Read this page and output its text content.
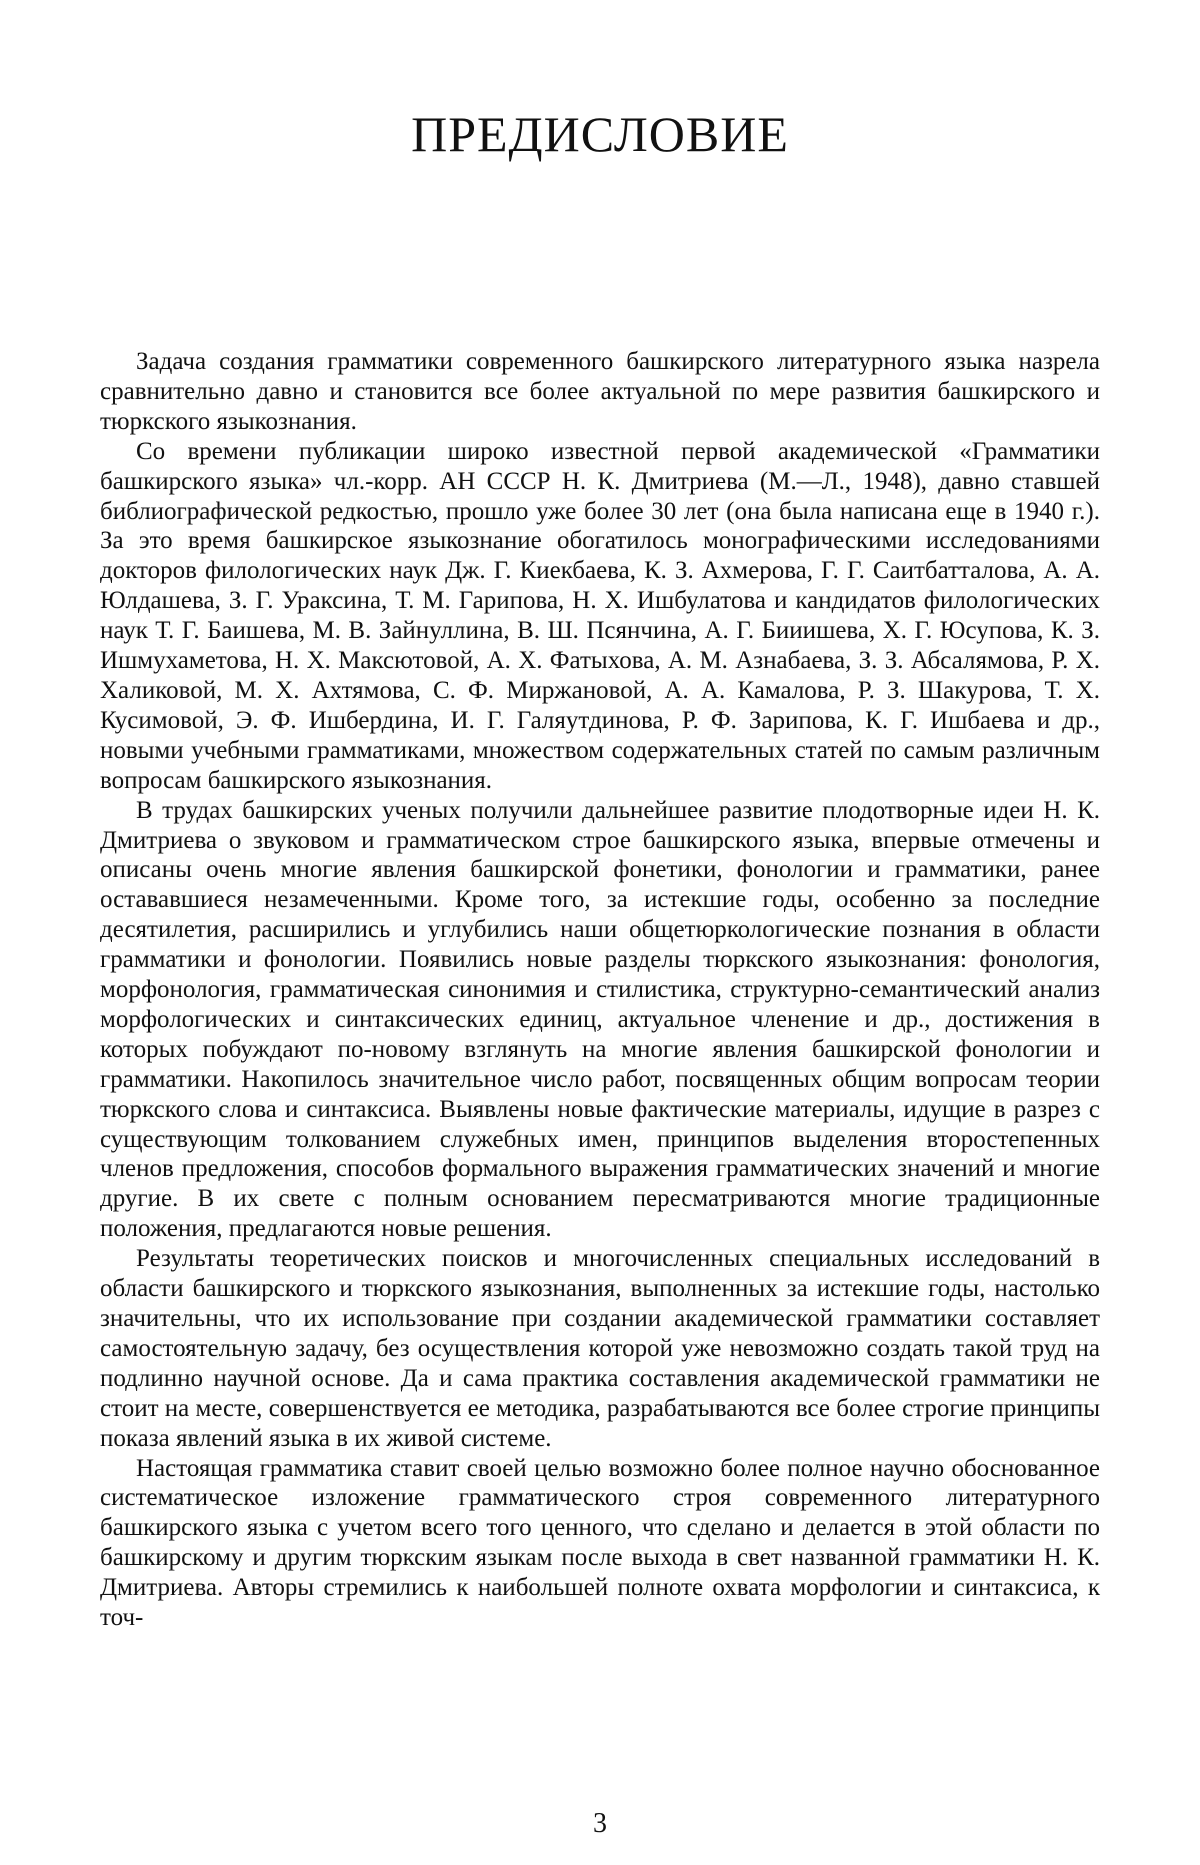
ПРЕДИСЛОВИЕ

Задача создания грамматики современного башкирского литературного языка назрела сравнительно давно и становится все более актуальной по мере развития башкирского и тюркского языкознания.

Со времени публикации широко известной первой академической «Грамматики башкирского языка» чл.-корр. АН СССР Н. К. Дмитриева (М.—Л., 1948), давно ставшей библиографической редкостью, прошло уже более 30 лет (она была написана еще в 1940 г.). За это время башкирское языкознание обогатилось монографическими исследованиями докторов филологических наук Дж. Г. Киекбаева, К. З. Ахмерова, Г. Г. Саитбатталова, А. А. Юлдашева, З. Г. Ураксина, Т. М. Гарипова, Н. Х. Ишбулатова и кандидатов филологических наук Т. Г. Баишева, М. В. Зайнуллина, В. Ш. Псянчина, А. Г. Бииишева, Х. Г. Юсупова, К. З. Ишмухаметова, Н. Х. Максютовой, А. Х. Фатыхова, А. М. Азнабаева, З. З. Абсалямова, Р. Х. Халиковой, М. Х. Ахтямова, С. Ф. Миржановой, А. А. Камалова, Р. З. Шакурова, Т. Х. Кусимовой, Э. Ф. Ишбердина, И. Г. Галяутдинова, Р. Ф. Зарипова, К. Г. Ишбаева и др., новыми учебными грамматиками, множеством содержательных статей по самым различным вопросам башкирского языкознания.

В трудах башкирских ученых получили дальнейшее развитие плодотворные идеи Н. К. Дмитриева о звуковом и грамматическом строе башкирского языка, впервые отмечены и описаны очень многие явления башкирской фонетики, фонологии и грамматики, ранее остававшиеся незамеченными. Кроме того, за истекшие годы, особенно за последние десятилетия, расширились и углубились наши общетюркологические познания в области грамматики и фонологии. Появились новые разделы тюркского языкознания: фонология, морфонология, грамматическая синонимия и стилистика, структурно-семантический анализ морфологических и синтаксических единиц, актуальное членение и др., достижения в которых побуждают по-новому взглянуть на многие явления башкирской фонологии и грамматики. Накопилось значительное число работ, посвященных общим вопросам теории тюркского слова и синтаксиса. Выявлены новые фактические материалы, идущие в разрез с существующим толкованием служебных имен, принципов выделения второстепенных членов предложения, способов формального выражения грамматических значений и многие другие. В их свете с полным основанием пересматриваются многие традиционные положения, предлагаются новые решения.

Результаты теоретических поисков и многочисленных специальных исследований в области башкирского и тюркского языкознания, выполненных за истекшие годы, настолько значительны, что их использование при создании академической грамматики составляет самостоятельную задачу, без осуществления которой уже невозможно создать такой труд на подлинно научной основе. Да и сама практика составления академической грамматики не стоит на месте, совершенствуется ее методика, разрабатываются все более строгие принципы показа явлений языка в их живой системе.

Настоящая грамматика ставит своей целью возможно более полное научно обоснованное систематическое изложение грамматического строя современного литературного башкирского языка с учетом всего того ценного, что сделано и делается в этой области по башкирскому и другим тюркским языкам после выхода в свет названной грамматики Н. К. Дмитриева. Авторы стремились к наибольшей полноте охвата морфологии и синтаксиса, к точ-

3
